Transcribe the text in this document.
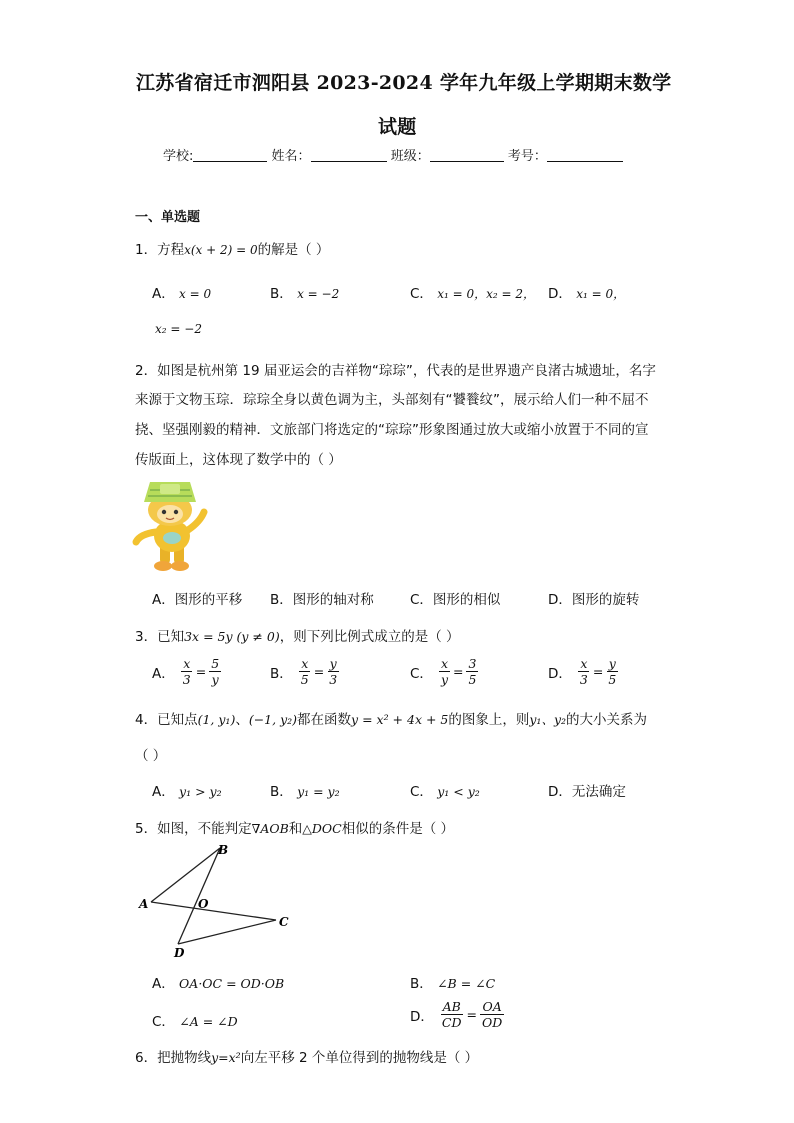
江苏省宿迁市泗阳县 2023-2024 学年九年级上学期期末数学
试题
学校:	姓名：	班级：	考号：
一、单选题
1．方程x(x + 2) = 0的解是（ ）
A． x = 0	B． x = −2	C． x₁ = 0，x₂ = 2， D． x₁ = 0，
x₂ = −2
2．如图是杭州第 19 届亚运会的吉祥物“琮琮”，代表的是世界遗产良渚古城遗址，名字
来源于文物玉琮．琮琮全身以黄色调为主，头部刻有“饕餮纹”，展示给人们一种不屈不
挠、坚强刚毅的精神．文旅部门将选定的“琮琮”形象图通过放大或缩小放置于不同的宣
传版面上，这体现了数学中的（ ）
A．图形的平移 B．图形的轴对称	C．图形的相似	D．图形的旋转
3．已知3x = 5y (y ≠ 0)，则下列比例式成立的是（ ）
A． $\frac{x}{3} = \frac{5}{y}$	B． $\frac{x}{5} = \frac{y}{3}$	C． $\frac{x}{y} = \frac{3}{5}$	D． $\frac{x}{3} = \frac{y}{5}$
4．已知点(1, y₁)、(−1, y₂)都在函数y = x² + 4x + 5的图象上，则y₁、y₂的大小关系为
（ ）
A． y₁ > y₂	B． y₁ = y₂	C． y₁ < y₂	D．无法确定
5．如图，不能判定∇AOB和△DOC相似的条件是（ ）
B
A	O
C
D
A． OA·OC = OD·OB	B． ∠B = ∠C
C． ∠A = ∠D	D． $\frac{AB}{CD} = \frac{OA}{OD}$
6．把抛物线y=x²向左平移 2 个单位得到的抛物线是（ ）
